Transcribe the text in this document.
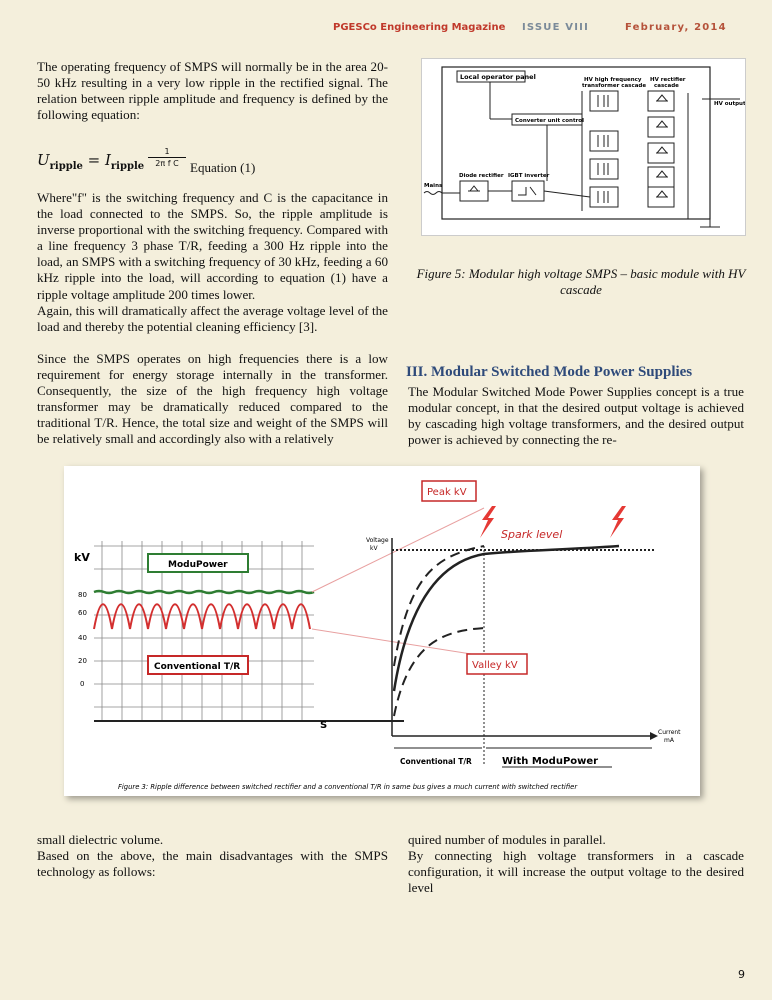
PGESCo Engineering Magazine ISSUE VIII	February, 2014

The operating frequency of SMPS will normally be in the area 20-50 kHz resulting in a very low ripple in the rectified signal. The relation between ripple amplitude and frequency is defined by the following equation:

$U_{ripple} = I_{ripple}$
1
2π f C Equation (1)

Where"f" is the switching frequency and C is the capacitance in the load connected to the SMPS. So, the ripple amplitude is inverse proportional with the switching frequency. Compared with a line frequency 3 phase T/R, feeding a 300 Hz ripple into the load, an SMPS with a switching frequency of 30 kHz, feeding a 60 kHz ripple into the load, will according to equation (1) have a ripple voltage amplitude 200 times lower.

Again, this will dramatically affect the average voltage level of the load and thereby the potential cleaning efficiency [3].

Since the SMPS operates on high frequencies there is a low requirement for energy storage internally in the transformer. Consequently, the size of the high frequency high voltage transformer may be dramatically reduced compared to the traditional T/R. Hence, the total size and weight of the SMPS will be relatively small and accordingly also with a relatively

Local operator panel	HV high frequency
transformer cascade
HV rectifier
cascade
HV output
Converter unit control
Diode rectifier IGBT inverter
Mains
Figure 5: Modular high voltage SMPS – basic module with HV cascade
III. Modular Switched Mode Power Supplies

The Modular Switched Mode Power Supplies concept is a true modular concept, in that the desired output voltage is achieved by cascading high voltage transformers, and the desired output power is achieved by connecting the re-

kV
80
60
40
20
0
S
ModuPower
Conventional T/R
Voltage
kV
Current
mA
Peak kV
Spark level
Valley kV
Conventional T/R	With ModuPower
Figure 3: Ripple difference between switched rectifier and a conventional T/R in same bus gives a much current with switched rectifier

small dielectric volume.

Based on the above, the main disadvantages with the SMPS technology as follows:

quired number of modules in parallel.

By connecting high voltage transformers in a cascade configuration, it will increase the output voltage to the desired level

9
